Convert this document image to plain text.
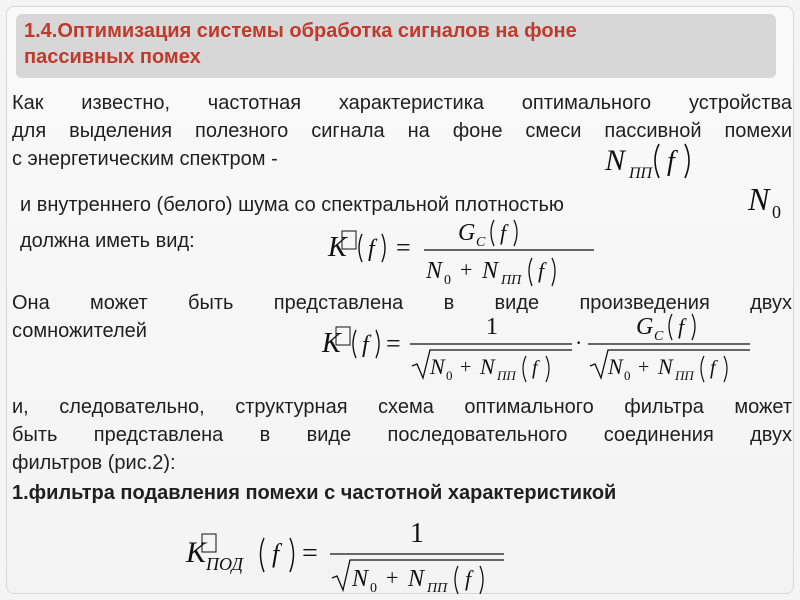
1.4.Оптимизация системы обработка сигналов на фоне
пассивных помех
Как известно, частотная характеристика оптимального устройства
для выделения полезного сигнала на фоне смеси пассивной помехи
с энергетическим спектром -	N ПП f
и внутреннего (белого) шума со спектральной плотностью	N 0
должна иметь вид:	K f = G C f
N 0 + N ПП f
Она может быть представлена в виде произведения двух
сомножителей	K f =
1
N 0 + N ПП f
·
G C f
N 0 + N ПП f
и, следовательно, структурная схема оптимального фильтра может
быть представлена в виде последовательного соединения двух
фильтров (рис.2):
1.фильтра подавления помехи с частотной характеристикой
K ПОД f =
1
N 0 + N ПП f
